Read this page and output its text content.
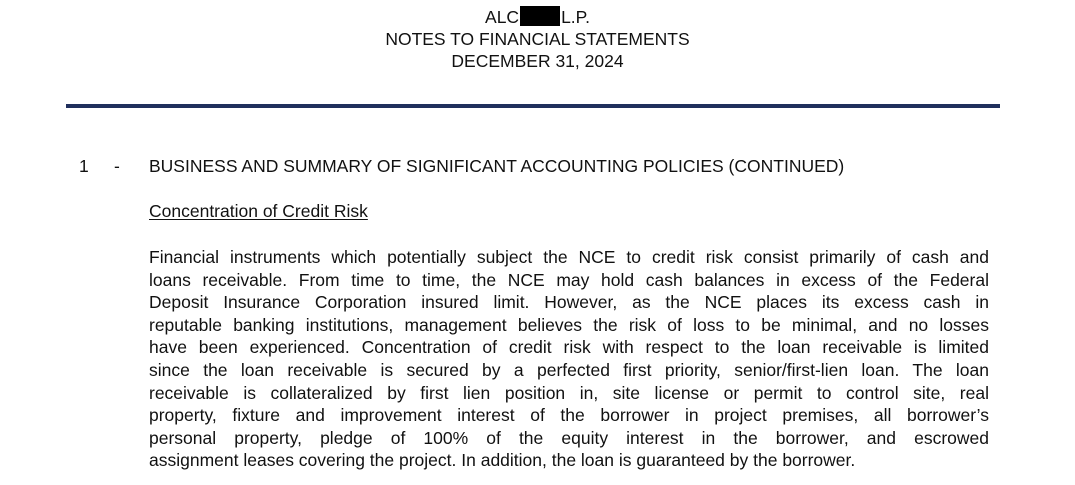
ALC L.P.
NOTES TO FINANCIAL STATEMENTS
DECEMBER 31, 2024
1 - BUSINESS AND SUMMARY OF SIGNIFICANT ACCOUNTING POLICIES (CONTINUED)
Concentration of Credit Risk
Financial instruments which potentially subject the NCE to credit risk consist primarily of cash and
loans receivable. From time to time, the NCE may hold cash balances in excess of the Federal
Deposit Insurance Corporation insured limit. However, as the NCE places its excess cash in
reputable banking institutions, management believes the risk of loss to be minimal, and no losses
have been experienced. Concentration of credit risk with respect to the loan receivable is limited
since the loan receivable is secured by a perfected first priority, senior/first-lien loan. The loan
receivable is collateralized by first lien position in, site license or permit to control site, real
property, fixture and improvement interest of the borrower in project premises, all borrower’s
personal property, pledge of 100% of the equity interest in the borrower, and escrowed
assignment leases covering the project. In addition, the loan is guaranteed by the borrower.
